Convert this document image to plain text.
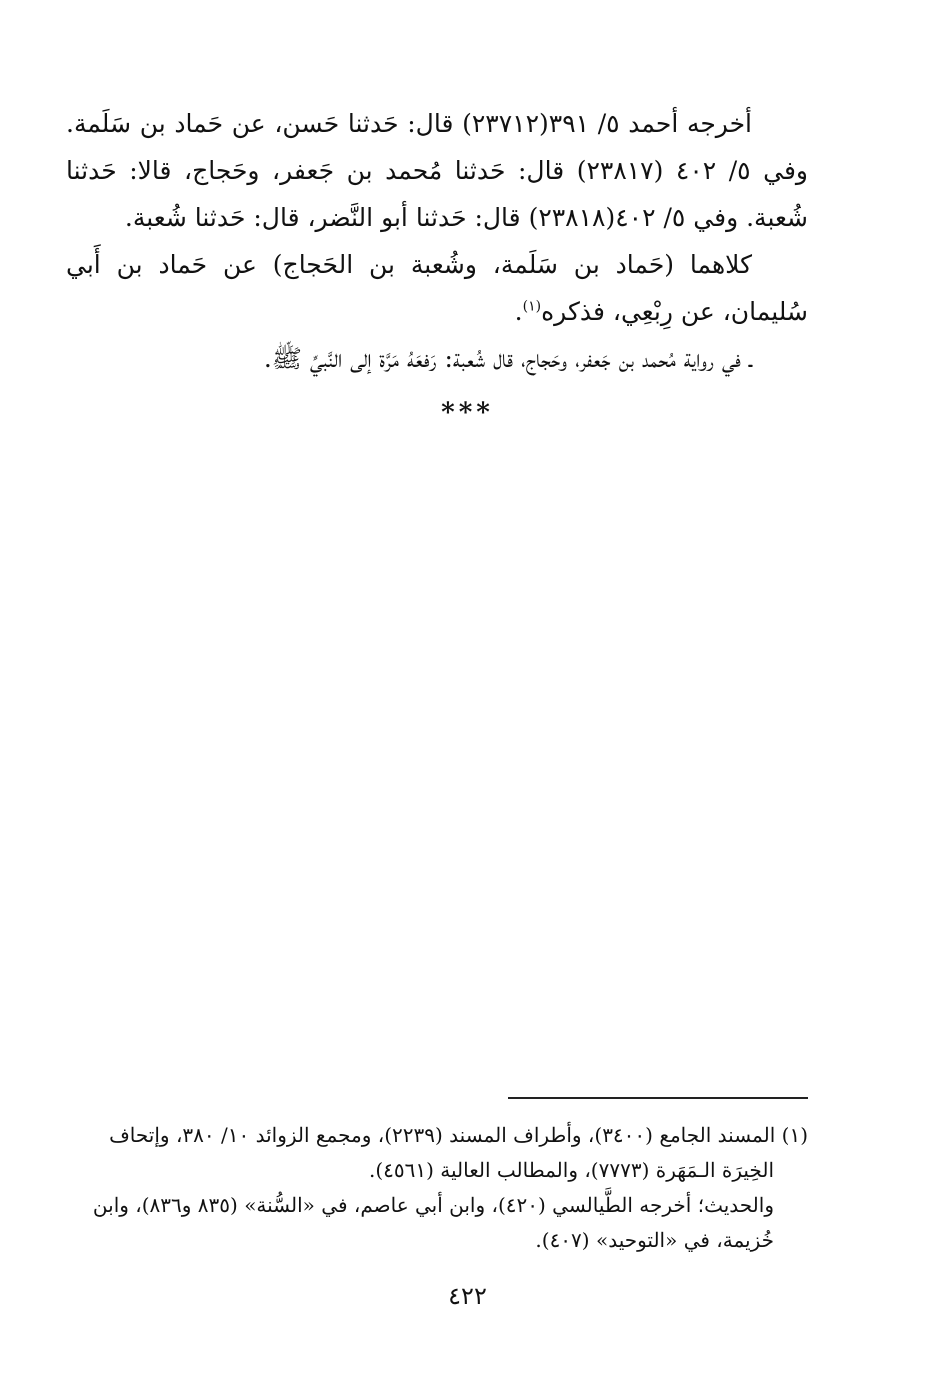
أخرجه أحمد ٥/ ٣٩١(٢٣٧١٢) قال: حَدثنا حَسن، عن حَماد بن سَلَمة. وفي ٥/ ٤٠٢ (٢٣٨١٧) قال: حَدثنا مُحمد بن جَعفر، وحَجاج، قالا: حَدثنا شُعبة. وفي ٥/ ٤٠٢(٢٣٨١٨) قال: حَدثنا أبو النَّضر، قال: حَدثنا شُعبة.

كلاهما (حَماد بن سَلَمة، وشُعبة بن الحَجاج) عن حَماد بن أَبي سُليمان، عن رِبْعِي، فذكره$^{(١)}$.

ـ في رواية مُحمد بن جَعفر، وحَجاج، قال شُعبة: رَفعَهُ مَرَّة إلى النَّبيِّ ﷺ.

***

(١) المسند الجامع (٣٤٠٠)، وأطراف المسند (٢٢٣٩)، ومجمع الزوائد ١٠/ ٣٨٠، وإتحاف

الخِيرَة الـمَهَرة (٧٧٧٣)، والمطالب العالية (٤٥٦١).

والحديث؛ أخرجه الطَّيالسي (٤٢٠)، وابن أبي عاصم، في «السُّنة» (٨٣٥ و٨٣٦)، وابن

خُزيمة، في «التوحيد» (٤٠٧).

٤٢٢
